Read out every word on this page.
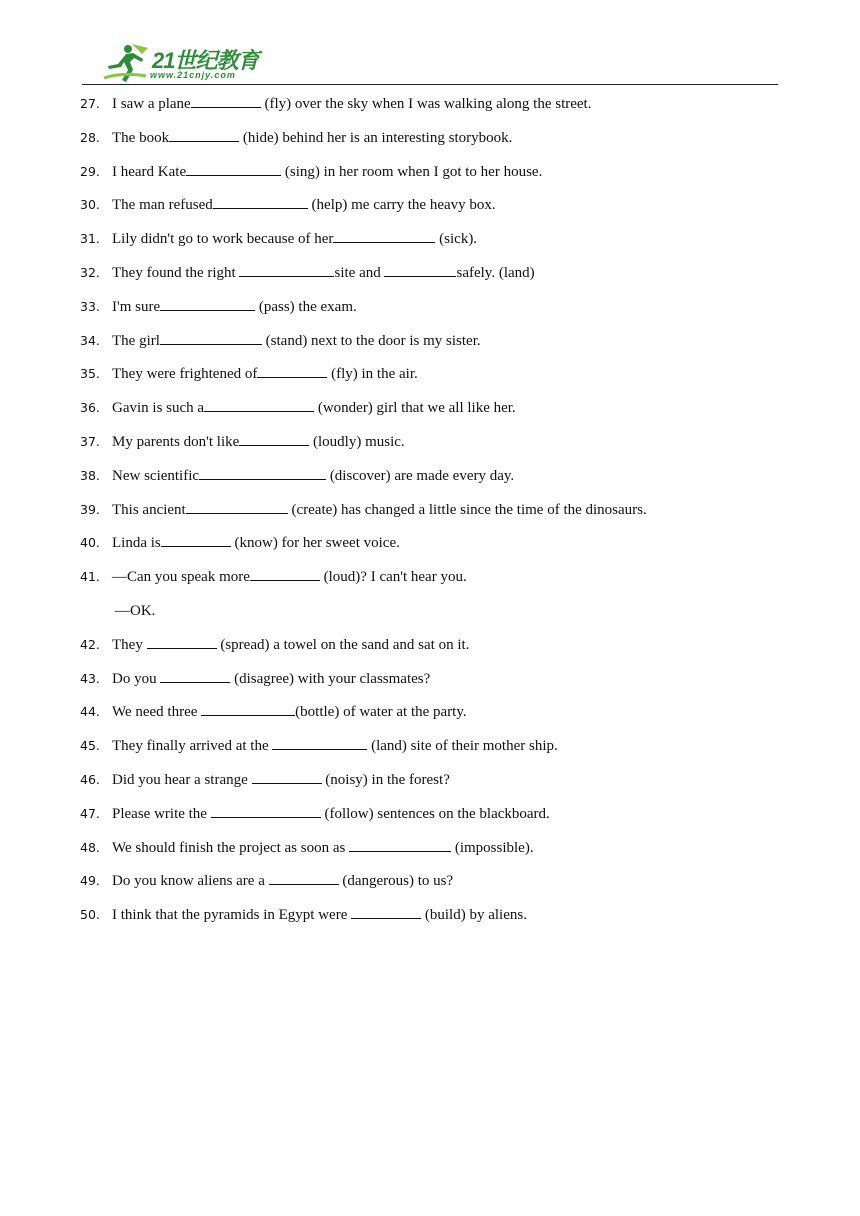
21世纪教育
www.21cnjy.com
27. I saw a plane	(fly) over the sky when I was walking along the street.
28. The book	(hide) behind her is an interesting storybook.
29. I heard Kate	(sing) in her room when I got to her house.
30. The man refused	(help) me carry the heavy box.
31. Lily didn't go to work because of her	(sick).
32. They found the right	site and	safely. (land)
33. I'm sure	(pass) the exam.
34. The girl	(stand) next to the door is my sister.
35. They were frightened of	(fly) in the air.
36. Gavin is such a	(wonder) girl that we all like her.
37. My parents don't like	(loudly) music.
38. New scientific	(discover) are made every day.
39. This ancient	(create) has changed a little since the time of the dinosaurs.
40. Linda is	(know) for her sweet voice.
41. —Can you speak more	(loud)? I can't hear you.
—OK.
42. They	(spread) a towel on the sand and sat on it.
43. Do you	(disagree) with your classmates?
44. We need three	(bottle) of water at the party.
45. They finally arrived at the	(land) site of their mother ship.
46. Did you hear a strange	(noisy) in the forest?
47. Please write the	(follow) sentences on the blackboard.
48. We should finish the project as soon as	(impossible).
49. Do you know aliens are a	(dangerous) to us?
50. I think that the pyramids in Egypt were	(build) by aliens.
